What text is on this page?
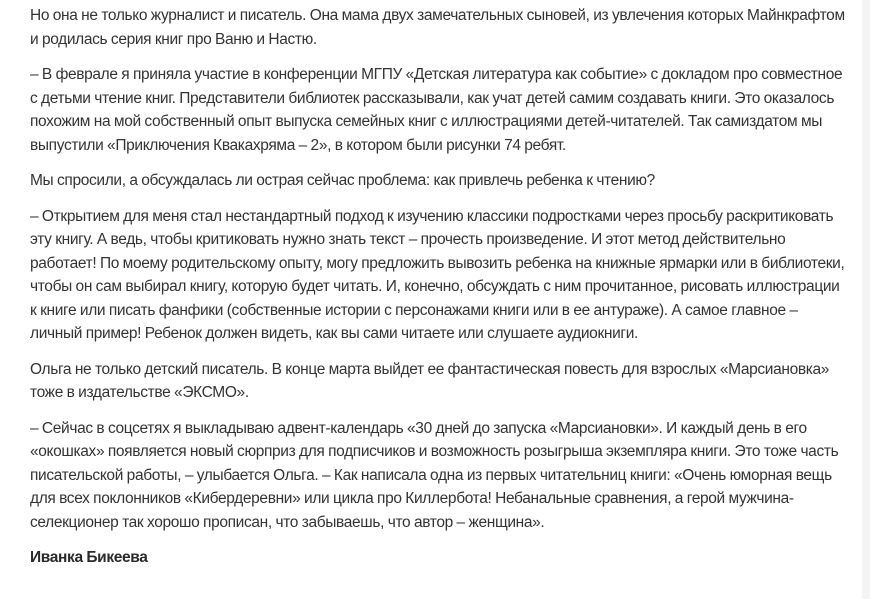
Но она не только журналист и писатель. Она мама двух замечательных сыновей, из увлечения которых Майнкрафтом и родилась серия книг про Ваню и Настю.

– В феврале я приняла участие в конференции МГПУ «Детская литература как событие» с докладом про совместное с детьми чтение книг. Представители библиотек рассказывали, как учат детей самим создавать книги. Это оказалось похожим на мой собственный опыт выпуска семейных книг с иллюстрациями детей-читателей. Так самиздатом мы выпустили «Приключения Квакахряма – 2», в котором были рисунки 74 ребят.

Мы спросили, а обсуждалась ли острая сейчас проблема: как привлечь ребенка к чтению?

– Открытием для меня стал нестандартный подход к изучению классики подростками через просьбу раскритиковать эту книгу. А ведь, чтобы критиковать нужно знать текст – прочесть произведение. И этот метод действительно работает! По моему родительскому опыту, могу предложить вывозить ребенка на книжные ярмарки или в библиотеки, чтобы он сам выбирал книгу, которую будет читать. И, конечно, обсуждать с ним прочитанное, рисовать иллюстрации к книге или писать фанфики (собственные истории с персонажами книги или в ее антураже). А самое главное – личный пример! Ребенок должен видеть, как вы сами читаете или слушаете аудиокниги.

Ольга не только детский писатель. В конце марта выйдет ее фантастическая повесть для взрослых «Марсиановка» тоже в издательстве «ЭКСМО».

– Сейчас в соцсетях я выкладываю адвент-календарь «30 дней до запуска «Марсиановки». И каждый день в его «окошках» появляется новый сюрприз для подписчиков и возможность розыгрыша экземпляра книги. Это тоже часть писательской работы, – улыбается Ольга. – Как написала одна из первых читательниц книги: «Очень юморная вещь для всех поклонников «Кибердеревни» или цикла про Киллербота! Небанальные сравнения, а герой мужчина-селекционер так хорошо прописан, что забываешь, что автор – женщина».

Иванка Бикеева
